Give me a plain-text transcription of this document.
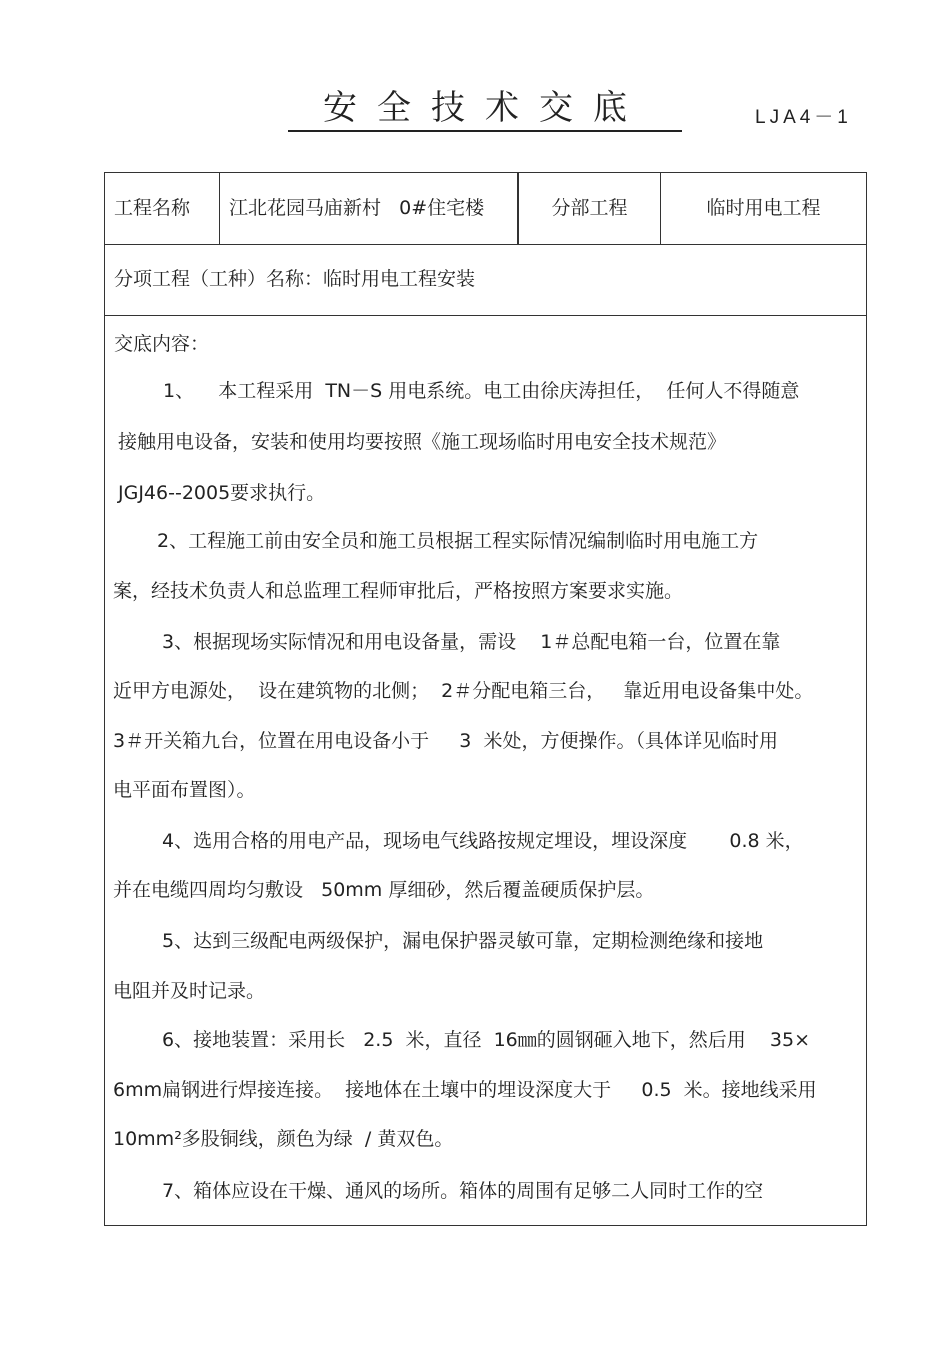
安全技术交底	LJA4－1
工程名称	江北花园马庙新村   0#住宅楼	分部工程	临时用电工程
分项工程（工种）名称：临时用电工程安装
交底内容：
1、    本工程采用  TN－S 用电系统。电工由徐庆涛担任，  任何人不得随意
接触用电设备，安装和使用均要按照《施工现场临时用电安全技术规范》
JGJ46--2005要求执行。
2、工程施工前由安全员和施工员根据工程实际情况编制临时用电施工方
案，经技术负责人和总监理工程师审批后，严格按照方案要求实施。
3、根据现场实际情况和用电设备量，需设    1＃总配电箱一台，位置在靠
近甲方电源处，  设在建筑物的北侧；  2＃分配电箱三台，   靠近用电设备集中处。
3＃开关箱九台，位置在用电设备小于     3  米处，方便操作。（具体详见临时用
电平面布置图）。
4、选用合格的用电产品，现场电气线路按规定埋设，埋设深度       0.8 米，
并在电缆四周均匀敷设   50mm 厚细砂，然后覆盖硬质保护层。
5、达到三级配电两级保护，漏电保护器灵敏可靠，定期检测绝缘和接地
电阻并及时记录。
6、接地装置：采用长   2.5  米，直径  16㎜的圆钢砸入地下，然后用    35×
6mm扁钢进行焊接连接。  接地体在土壤中的埋设深度大于     0.5  米。接地线采用
10mm²多股铜线，颜色为绿  / 黄双色。
7、箱体应设在干燥、通风的场所。箱体的周围有足够二人同时工作的空
